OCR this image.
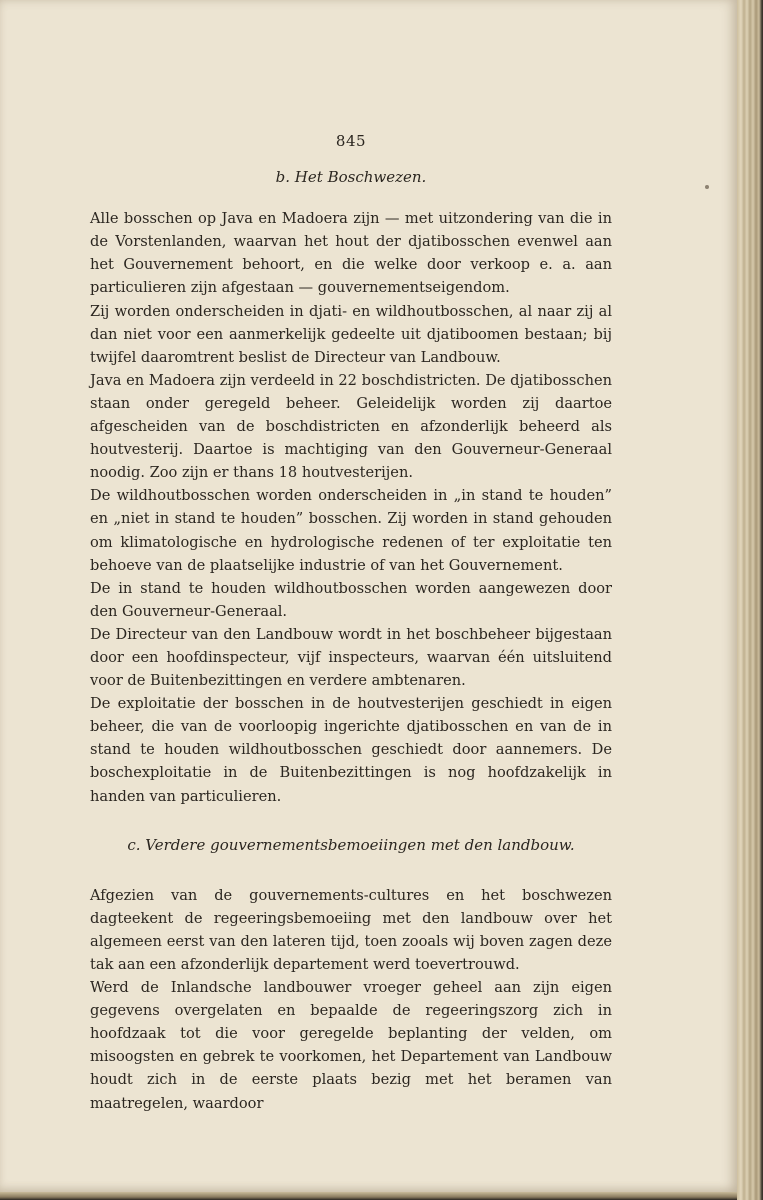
845
b. Het Boschwezen.

Alle bosschen op Java en Madoera zijn — met uitzondering van die in de Vorstenlanden, waarvan het hout der djatibosschen evenwel aan het Gouvernement behoort, en die welke door verkoop e. a. aan particulieren zijn afgestaan — gouvernementseigendom.

Zij worden onderscheiden in djati- en wildhoutbosschen, al naar zij al dan niet voor een aanmerkelijk gedeelte uit djatiboomen bestaan; bij twijfel daaromtrent beslist de Directeur van Landbouw.

Java en Madoera zijn verdeeld in 22 boschdistricten. De djatibosschen staan onder geregeld beheer. Geleidelijk worden zij daartoe afgescheiden van de boschdistricten en afzonderlijk beheerd als houtvesterij. Daartoe is machtiging van den Gouverneur-Generaal noodig. Zoo zijn er thans 18 houtvesterijen.

De wildhoutbosschen worden onderscheiden in „in stand te houden” en „niet in stand te houden” bosschen. Zij worden in stand gehouden om klimatologische en hydrologische redenen of ter exploitatie ten behoeve van de plaatselijke industrie of van het Gouvernement.

De in stand te houden wildhoutbosschen worden aangewezen door den Gouverneur-Generaal.

De Directeur van den Landbouw wordt in het boschbeheer bijgestaan door een hoofdinspecteur, vijf inspecteurs, waarvan één uitsluitend voor de Buitenbezittingen en verdere ambtenaren.

De exploitatie der bosschen in de houtvesterijen geschiedt in eigen beheer, die van de voorloopig ingerichte djatibosschen en van de in stand te houden wildhoutbosschen geschiedt door aannemers. De boschexploitatie in de Buitenbezittingen is nog hoofdzakelijk in handen van particulieren.

c. Verdere gouvernementsbemoeiingen met den landbouw.

Afgezien van de gouvernements-cultures en het boschwezen dagteekent de regeeringsbemoeiing met den landbouw over het algemeen eerst van den lateren tijd, toen zooals wij boven zagen deze tak aan een afzonderlijk departement werd toevertrouwd.

Werd de Inlandsche landbouwer vroeger geheel aan zijn eigen gegevens overgelaten en bepaalde de regeeringszorg zich in hoofdzaak tot die voor geregelde beplanting der velden, om misoogsten en gebrek te voorkomen, het Departement van Landbouw houdt zich in de eerste plaats bezig met het beramen van maatregelen, waardoor
